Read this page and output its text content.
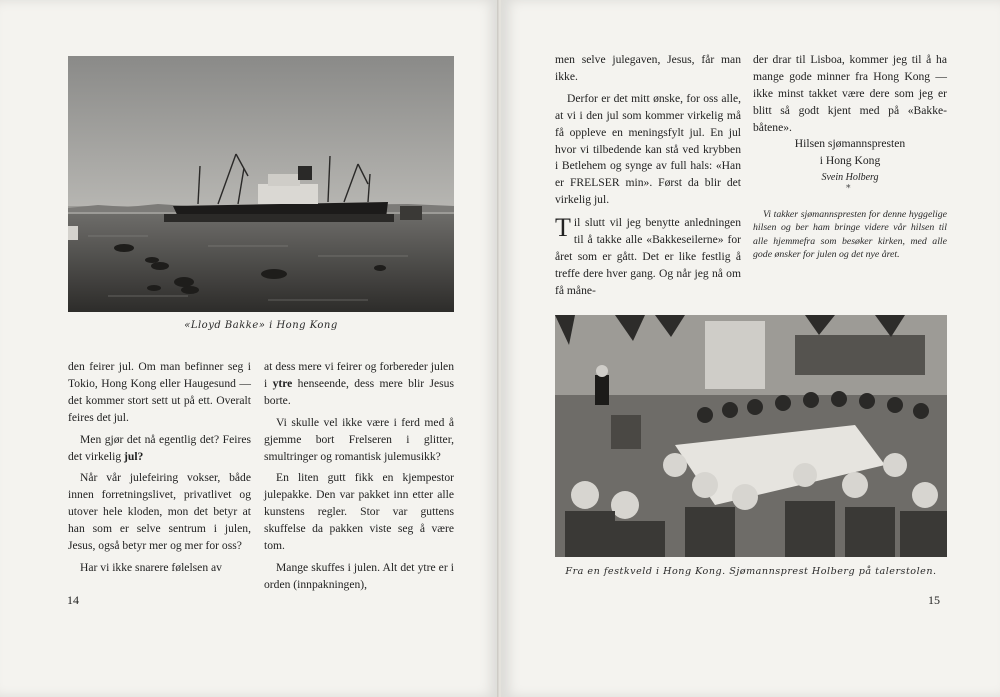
«Lloyd Bakke» i Hong Kong

den feirer jul. Om man befinner seg i Tokio, Hong Kong eller Haugesund — det kommer stort sett ut på ett. Overalt feires det jul.

Men gjør det nå egentlig det? Feires det virkelig jul?

Når vår julefeiring vokser, både innen forretningslivet, privatlivet og utover hele kloden, mon det betyr at han som er selve sentrum i julen, Jesus, også betyr mer og mer for oss?

Har vi ikke snarere følelsen av

at dess mere vi feirer og forbereder julen i ytre henseende, dess mere blir Jesus borte.

Vi skulle vel ikke være i ferd med å gjemme bort Frelseren i glitter, smultringer og romantisk julemusikk?

En liten gutt fikk en kjempestor julepakke. Den var pakket inn etter alle kunstens regler. Stor var guttens skuffelse da pakken viste seg å være tom.

Mange skuffes i julen. Alt det ytre er i orden (innpakningen),

14

men selve julegaven, Jesus, får man ikke.

Derfor er det mitt ønske, for oss alle, at vi i den jul som kommer virkelig må få oppleve en meningsfylt jul. En jul hvor vi tilbedende kan stå ved krybben i Betlehem og synge av full hals: «Han er FRELSER min». Først da blir det virkelig jul.

Til slutt vil jeg benytte anledningen til å takke alle «Bakkeseilerne» for året som er gått. Det er like festlig å treffe dere hver gang. Og når jeg nå om få måne-

der drar til Lisboa, kommer jeg til å ha mange gode minner fra Hong Kong — ikke minst takket være dere som jeg er blitt så godt kjent med på «Bakke-båtene».

Hilsen sjømannspresten
i Hong Kong
Svein Holberg
*
Vi takker sjømannspresten for denne hyggelige hilsen og ber ham bringe videre vår hilsen til alle hjemmefra som besøker kirken, med alle gode ønsker for julen og det nye året.
Fra en festkveld i Hong Kong. Sjømannsprest Holberg på talerstolen.
15
